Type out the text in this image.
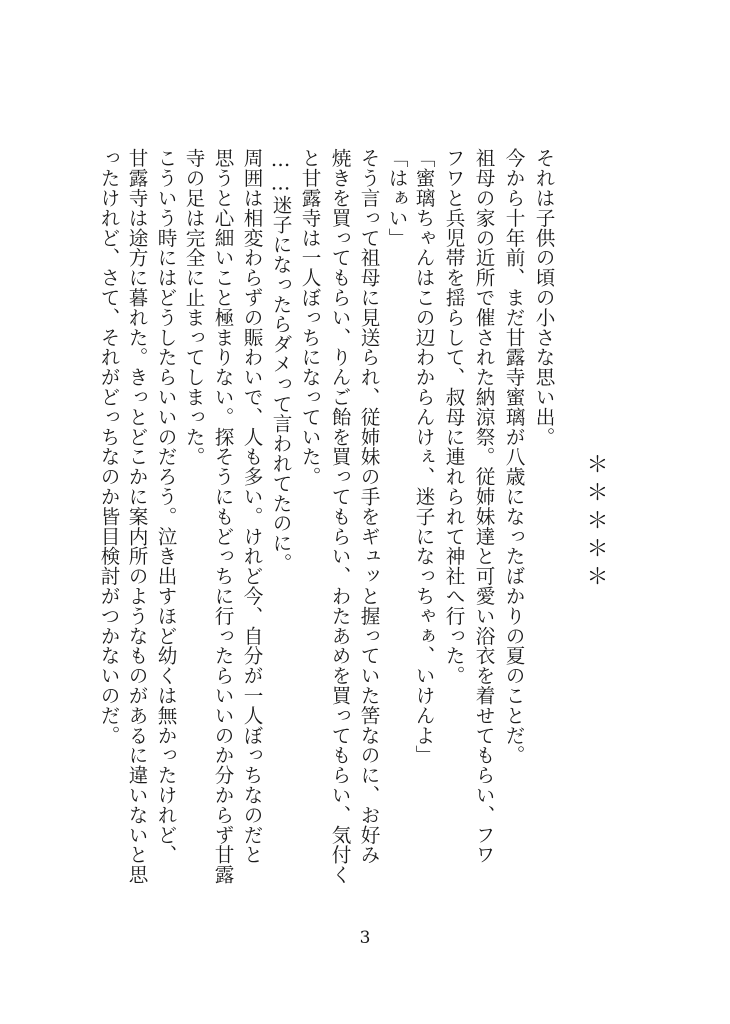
＊＊＊＊＊
それは子供の頃の小さな思い出。
今から十年前、まだ甘露寺蜜璃が八歳になったばかりの夏のことだ。
祖母の家の近所で催された納涼祭。従姉妹達と可愛い浴衣を着せてもらい、フワ
フワと兵児帯を揺らして、叔母に連れられて神社へ行った。
「蜜璃ちゃんはこの辺わからんけぇ、迷子になっちゃぁ、いけんよ」
「はぁい」
そう言って祖母に見送られ、従姉妹の手をギュッと握っていた筈なのに、お好み
焼きを買ってもらい、りんご飴を買ってもらい、わたあめを買ってもらい、気付く
と甘露寺は一人ぼっちになっていた。
……迷子になったらダメって言われてたのに。
周囲は相変わらずの賑わいで、人も多い。けれど今、自分が一人ぼっちなのだと
思うと心細いこと極まりない。探そうにもどっちに行ったらいいのか分からず甘露
寺の足は完全に止まってしまった。
こういう時にはどうしたらいいのだろう。泣き出すほど幼くは無かったけれど、
甘露寺は途方に暮れた。きっとどこかに案内所のようなものがあるに違いないと思
ったけれど、さて、それがどっちなのか皆目検討がつかないのだ。
3
